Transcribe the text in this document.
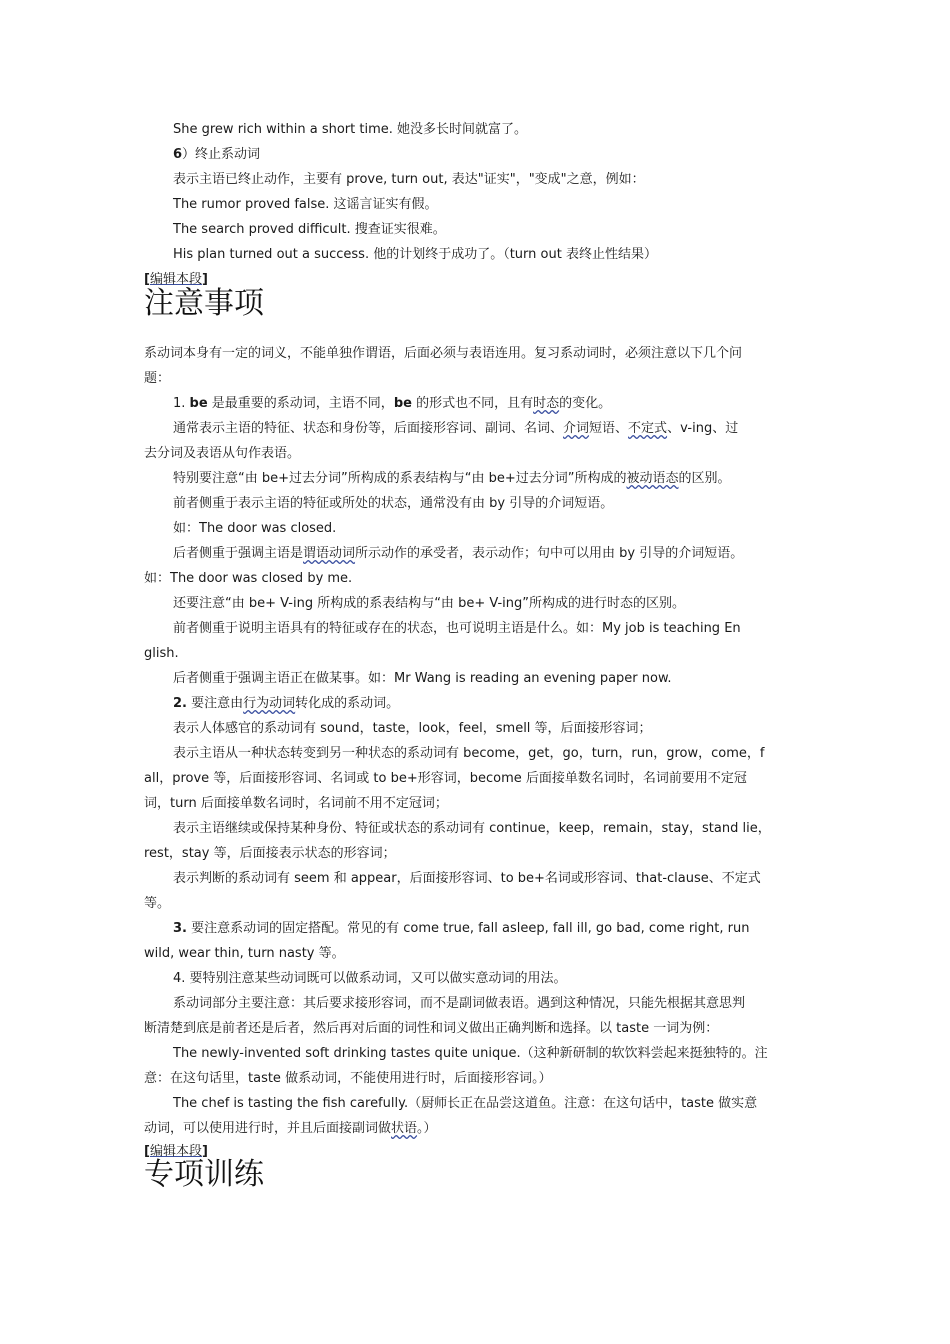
She grew rich within a short time. 她没多长时间就富了。
6）终止系动词
表示主语已终止动作，主要有 prove, turn out, 表达"证实"，"变成"之意，例如：
The rumor proved false. 这谣言证实有假。
The search proved difficult. 搜查证实很难。
His plan turned out a success. 他的计划终于成功了。（turn out 表终止性结果）
[编辑本段]
注意事项
系动词本身有一定的词义，不能单独作谓语，后面必须与表语连用。复习系动词时，必须注意以下几个问
题：
1. be 是最重要的系动词，主语不同，be 的形式也不同，且有时态的变化。
通常表示主语的特征、状态和身份等，后面接形容词、副词、名词、介词短语、不定式、v-ing、过
去分词及表语从句作表语。
特别要注意“由 be+过去分词”所构成的系表结构与“由 be+过去分词”所构成的被动语态的区别。
前者侧重于表示主语的特征或所处的状态，通常没有由 by 引导的介词短语。
如：The door was closed.
后者侧重于强调主语是谓语动词所示动作的承受者，表示动作；句中可以用由 by 引导的介词短语。
如：The door was closed by me.
还要注意“由 be+ V-ing 所构成的系表结构与“由 be+ V-ing”所构成的进行时态的区别。
前者侧重于说明主语具有的特征或存在的状态，也可说明主语是什么。如：My job is teaching En
glish.
后者侧重于强调主语正在做某事。如：Mr Wang is reading an evening paper now.
2. 要注意由行为动词转化成的系动词。
表示人体感官的系动词有 sound，taste，look，feel，smell 等，后面接形容词；
表示主语从一种状态转变到另一种状态的系动词有 become，get，go，turn，run，grow，come，f
all，prove 等，后面接形容词、名词或 to be+形容词，become 后面接单数名词时，名词前要用不定冠
词，turn 后面接单数名词时，名词前不用不定冠词；
表示主语继续或保持某种身份、特征或状态的系动词有 continue，keep，remain，stay，stand lie，
rest，stay 等，后面接表示状态的形容词；
表示判断的系动词有 seem 和 appear，后面接形容词、to be+名词或形容词、that-clause、不定式
等。
3. 要注意系动词的固定搭配。常见的有 come true, fall asleep, fall ill, go bad, come right, run
wild, wear thin, turn nasty 等。
4. 要特别注意某些动词既可以做系动词，又可以做实意动词的用法。
系动词部分主要注意：其后要求接形容词，而不是副词做表语。遇到这种情况，只能先根据其意思判
断清楚到底是前者还是后者，然后再对后面的词性和词义做出正确判断和选择。以 taste 一词为例：
The newly-invented soft drinking tastes quite unique.（这种新研制的软饮料尝起来挺独特的。注
意：在这句话里，taste 做系动词，不能使用进行时，后面接形容词。）
The chef is tasting the fish carefully.（厨师长正在品尝这道鱼。注意：在这句话中，taste 做实意
动词，可以使用进行时，并且后面接副词做状语。）
[编辑本段]
专项训练
